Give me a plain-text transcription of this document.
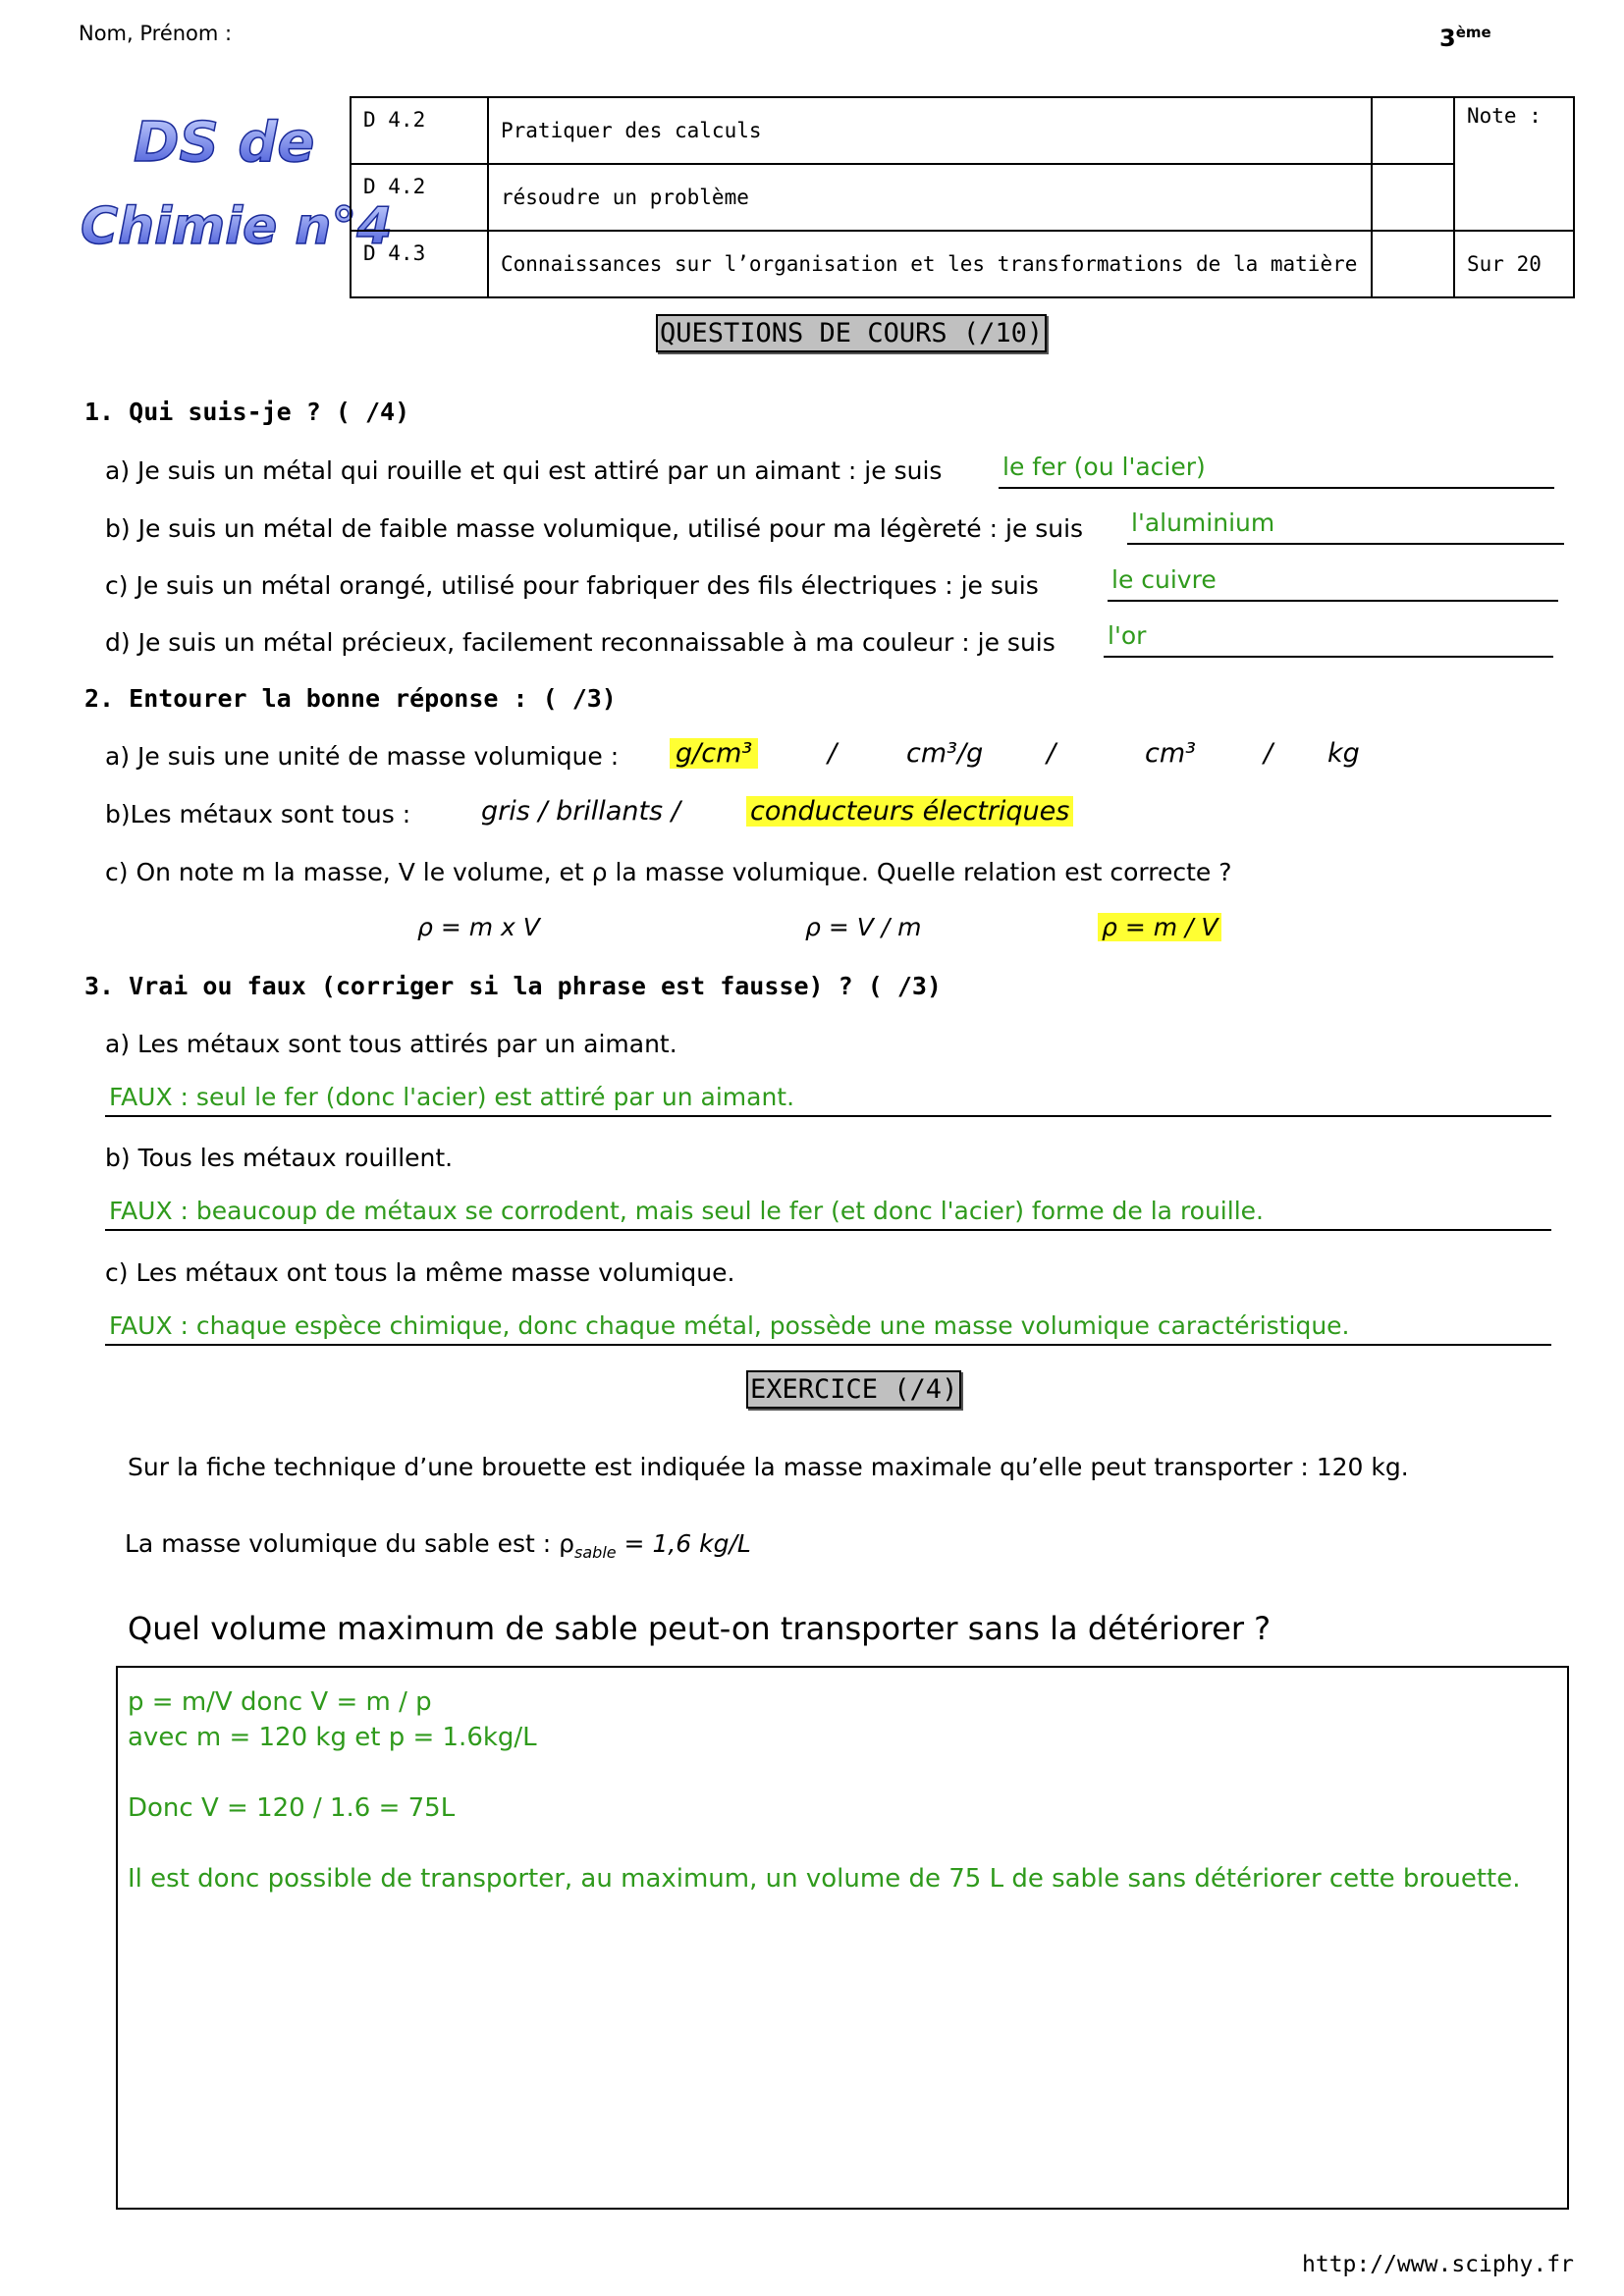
Nom, Prénom :	3ème
DS de
Chimie n°4
D 4.2	Pratiquer des calculs		Note :
D 4.2	résoudre un problème		
D 4.3	Connaissances sur l’organisation et les transformations de la matière		Sur 20
QUESTIONS DE COURS (/10)
1. Qui suis-je ? ( /4)
a) Je suis un métal qui rouille et qui est attiré par un aimant : je suis le fer (ou l'acier)
b) Je suis un métal de faible masse volumique, utilisé pour ma légèreté : je suis l'aluminium
c) Je suis un métal orangé, utilisé pour fabriquer des fils électriques : je suis	le cuivre
d) Je suis un métal précieux, facilement reconnaissable à ma couleur : je suis l'or
2. Entourer la bonne réponse : ( /3)
a) Je suis une unité de masse volumique : g/cm³	/	cm³/g /	cm³	/ kg
b)Les métaux sont tous :	gris / brillants /	conducteurs électriques
c) On note m la masse, V le volume, et ρ la masse volumique. Quelle relation est correcte ?
ρ = m x V	ρ = V / m	ρ = m / V
3. Vrai ou faux (corriger si la phrase est fausse) ? ( /3)
a) Les métaux sont tous attirés par un aimant.
FAUX : seul le fer (donc l'acier) est attiré par un aimant.
b) Tous les métaux rouillent.
FAUX : beaucoup de métaux se corrodent, mais seul le fer (et donc l'acier) forme de la rouille.
c) Les métaux ont tous la même masse volumique.
FAUX : chaque espèce chimique, donc chaque métal, possède une masse volumique caractéristique.
EXERCICE (/4)
Sur la fiche technique d’une brouette est indiquée la masse maximale qu’elle peut transporter : 120 kg.
La masse volumique du sable est : $\rho_{sable} = 1,6$ kg/L
Quel volume maximum de sable peut-on transporter sans la détériorer ?

p = m/V donc V = m / p

avec m = 120 kg et p = 1.6kg/L

Donc V = 120 / 1.6 = 75L

Il est donc possible de transporter, au maximum, un volume de 75 L de sable sans détériorer cette brouette.

http://www.sciphy.fr
